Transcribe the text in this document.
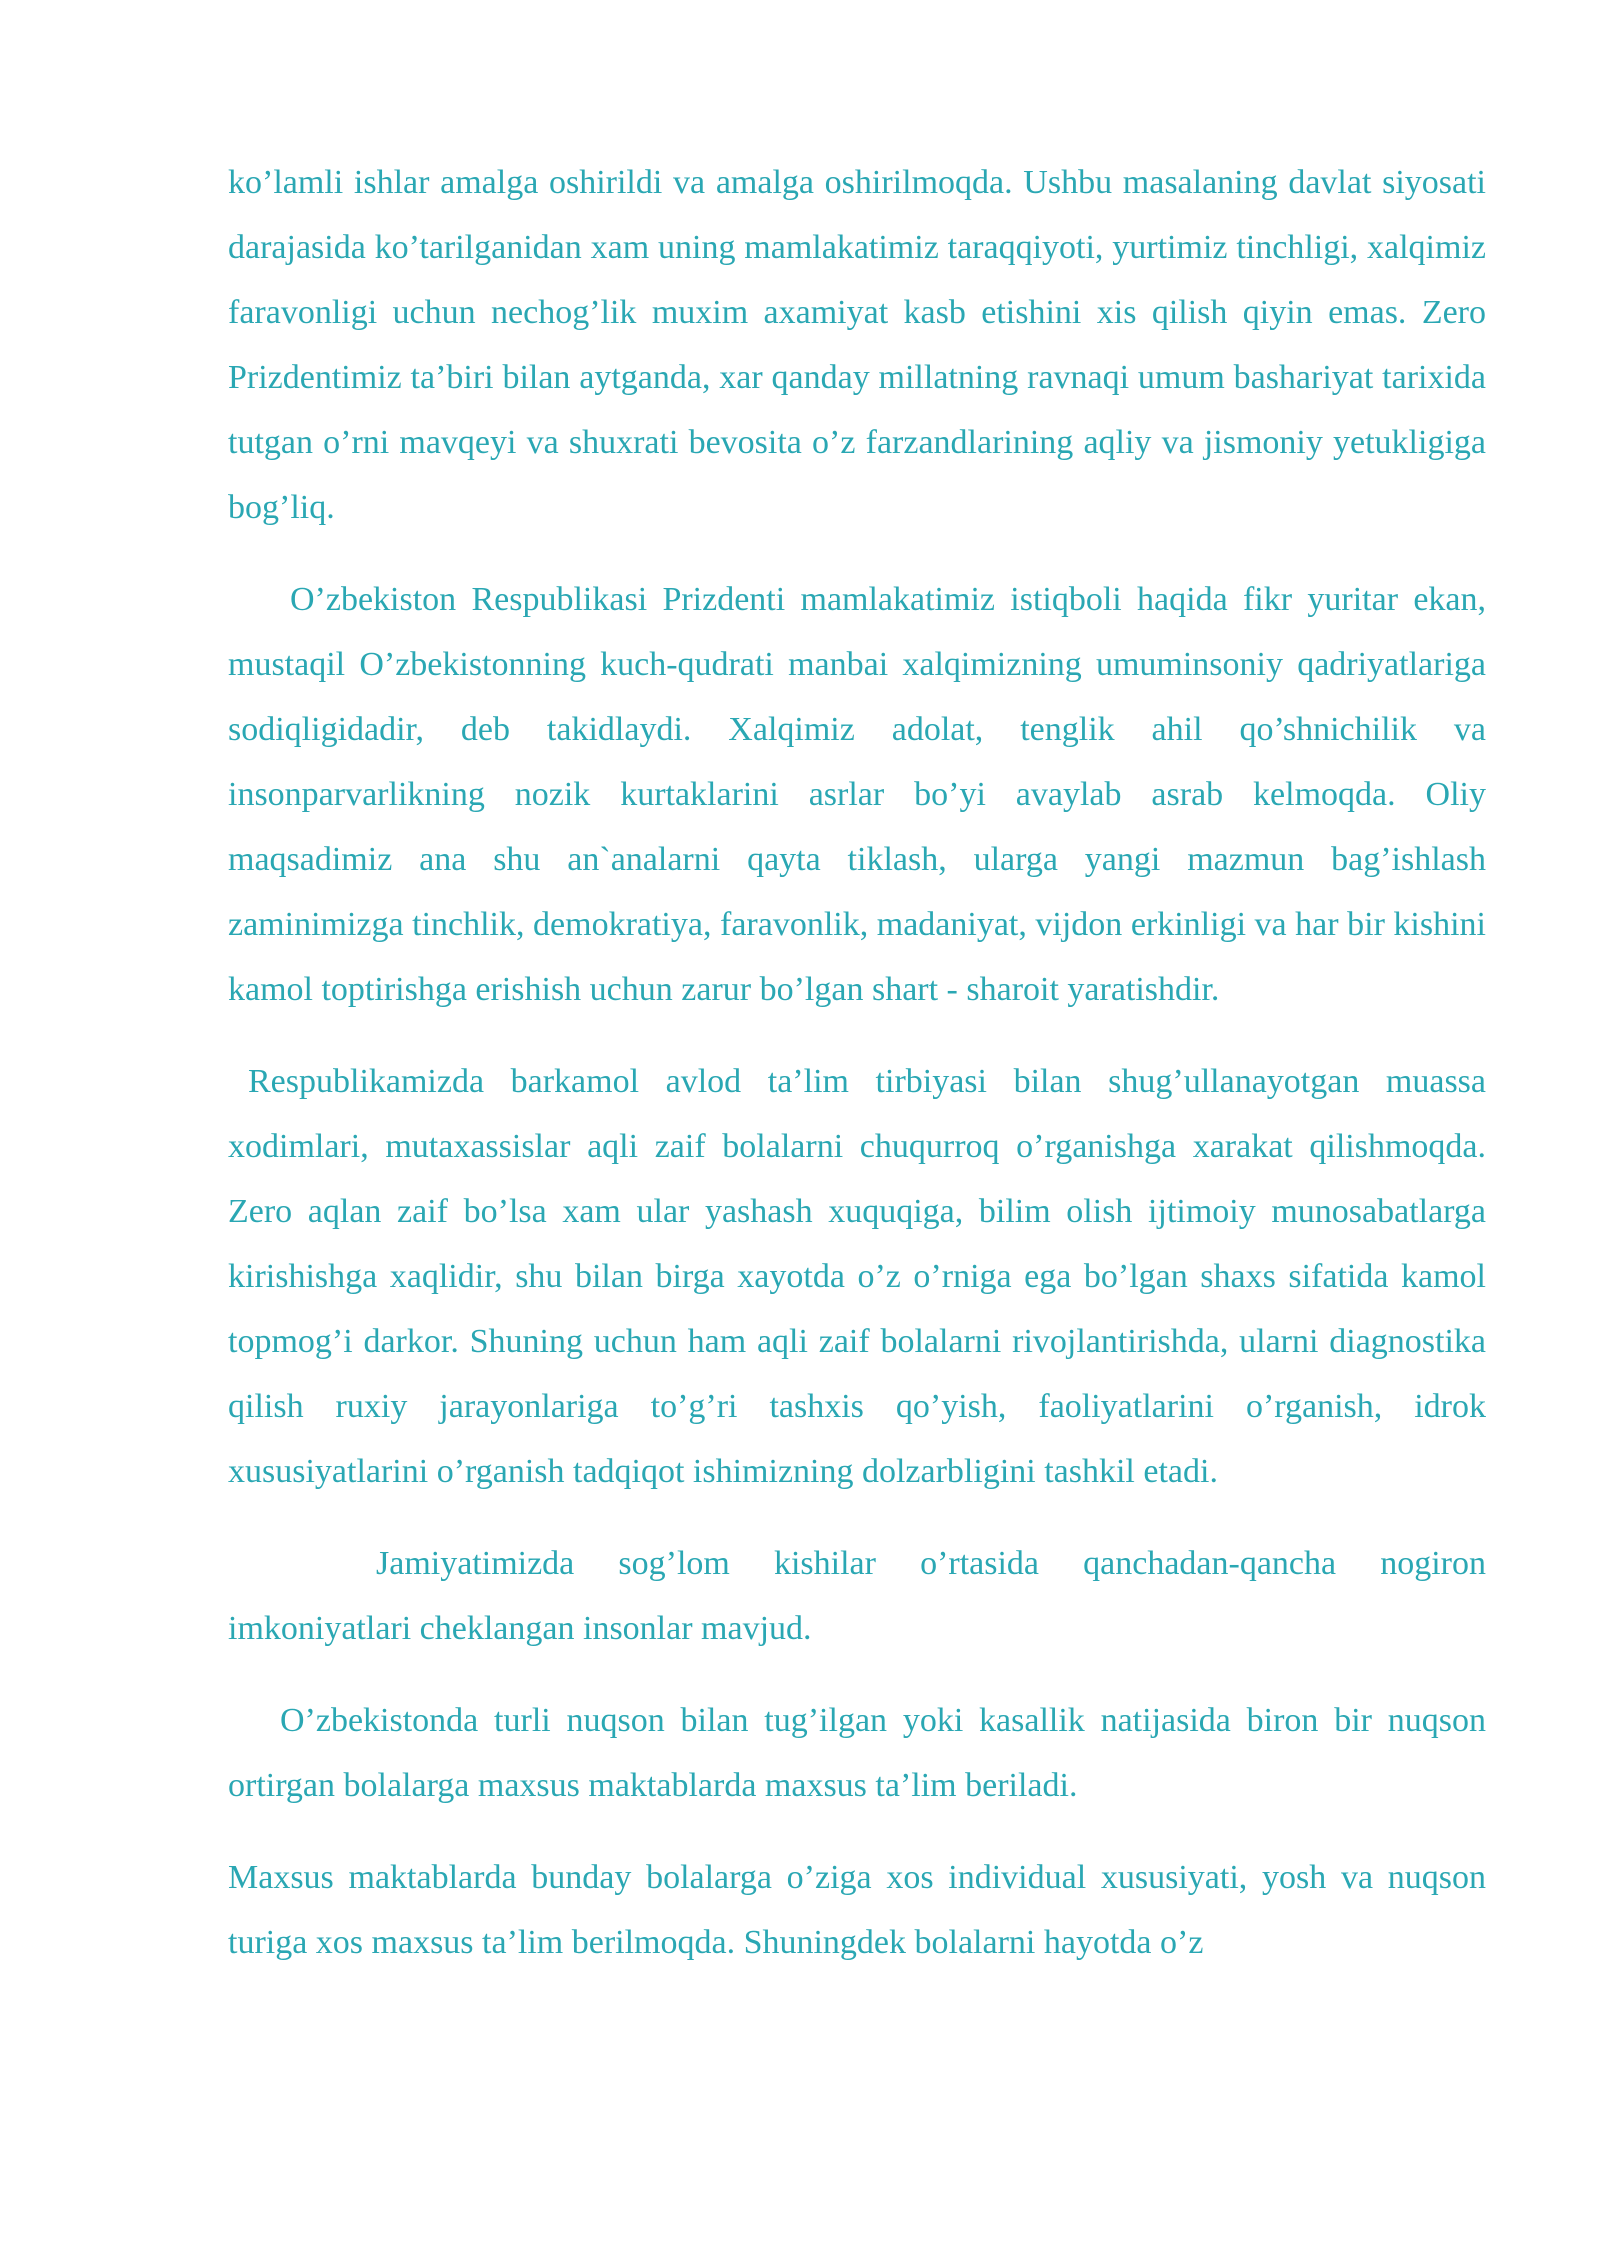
ko’lamli ishlar amalga oshirildi va amalga oshirilmoqda. Ushbu masalaning davlat siyosati darajasida ko’tarilganidan xam uning mamlakatimiz taraqqiyoti, yurtimiz tinchligi, xalqimiz faravonligi uchun nechog’lik muxim axamiyat kasb etishini xis qilish qiyin emas. Zero Prizdentimiz ta’biri bilan aytganda, xar qanday millatning ravnaqi umum bashariyat tarixida tutgan o’rni mavqeyi va shuxrati bevosita o’z farzandlarining aqliy va jismoniy yetukligiga bog’liq.

O’zbekiston Respublikasi Prizdenti mamlakatimiz istiqboli haqida fikr yuritar ekan, mustaqil O’zbekistonning kuch-qudrati manbai xalqimizning umuminsoniy qadriyatlariga sodiqligidadir, deb takidlaydi. Xalqimiz adolat, tenglik ahil qo’shnichilik va insonparvarlikning nozik kurtaklarini asrlar bo’yi avaylab asrab kelmoqda. Oliy maqsadimiz ana shu an`analarni qayta tiklash, ularga yangi mazmun bag’ishlash zaminimizga tinchlik, demokratiya, faravonlik, madaniyat, vijdon erkinligi va har bir kishini kamol toptirishga erishish uchun zarur bo’lgan shart - sharoit yaratishdir.

Respublikamizda barkamol avlod ta’lim tirbiyasi bilan shug’ullanayotgan muassa xodimlari, mutaxassislar aqli zaif bolalarni chuqurroq o’rganishga xarakat qilishmoqda. Zero aqlan zaif bo’lsa xam ular yashash xuquqiga, bilim olish ijtimoiy munosabatlarga kirishishga xaqlidir, shu bilan birga xayotda o’z o’rniga ega bo’lgan shaxs sifatida kamol topmog’i darkor. Shuning uchun ham aqli zaif bolalarni rivojlantirishda, ularni diagnostika qilish ruxiy jarayonlariga to’g’ri tashxis qo’yish, faoliyatlarini o’rganish, idrok xususiyatlarini o’rganish tadqiqot ishimizning dolzarbligini tashkil etadi.

Jamiyatimizda sog’lom kishilar o’rtasida qanchadan-qancha nogiron imkoniyatlari cheklangan insonlar mavjud.

O’zbekistonda turli nuqson bilan tug’ilgan yoki kasallik natijasida biron bir nuqson ortirgan bolalarga maxsus maktablarda maxsus ta’lim beriladi.

Maxsus maktablarda bunday bolalarga o’ziga xos individual xususiyati, yosh va nuqson turiga xos maxsus ta’lim berilmoqda. Shuningdek bolalarni hayotda o’z
